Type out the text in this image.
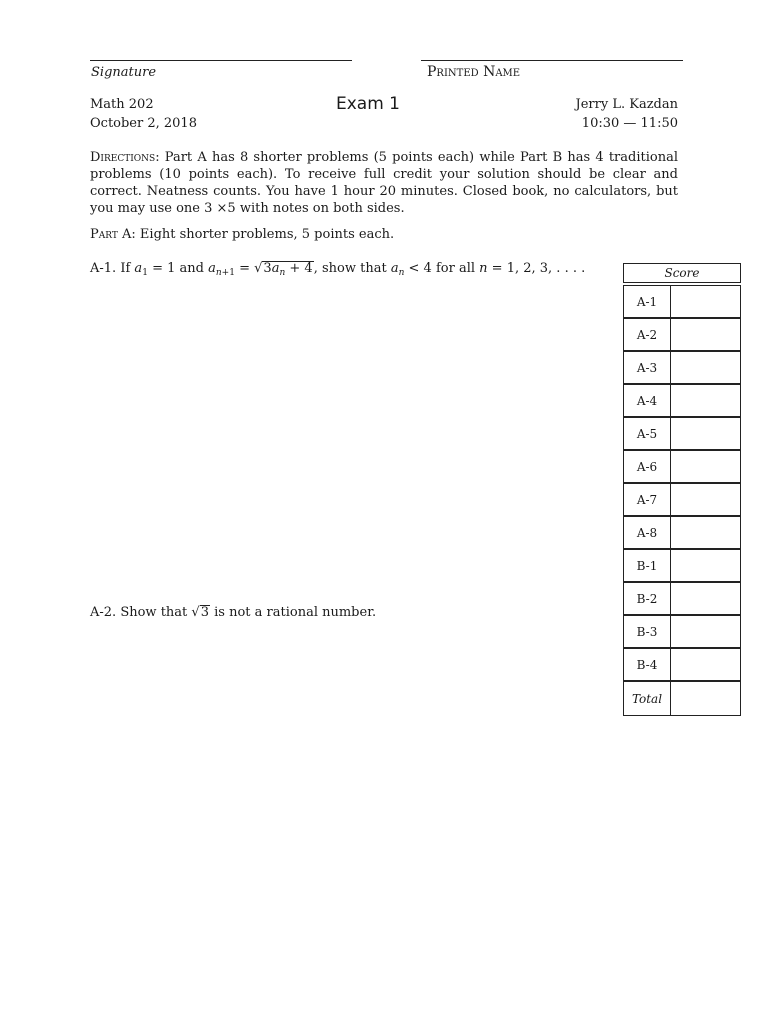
Signature	Printed Name
Math 202
October 2, 2018
Exam 1	Jerry L. Kazdan
10:30 — 11:50
Directions: Part A has 8 shorter problems (5 points each) while Part B has 4 traditional problems (10 points each). To receive full credit your solution should be clear and correct. Neatness counts. You have 1 hour 20 minutes. Closed book, no calculators, but you may use one 3 ×5 with notes on both sides.
Part A: Eight shorter problems, 5 points each.
A-1. If $a_1 = 1$ and $a_{n+1} = √3a_n + 4$, show that $a_n < 4$ for all n = 1, 2, 3, . . . .
A-2. Show that √3 is not a rational number.
Score
A-1
A-2
A-3
A-4
A-5
A-6
A-7
A-8
B-1
B-2
B-3
B-4
Total
